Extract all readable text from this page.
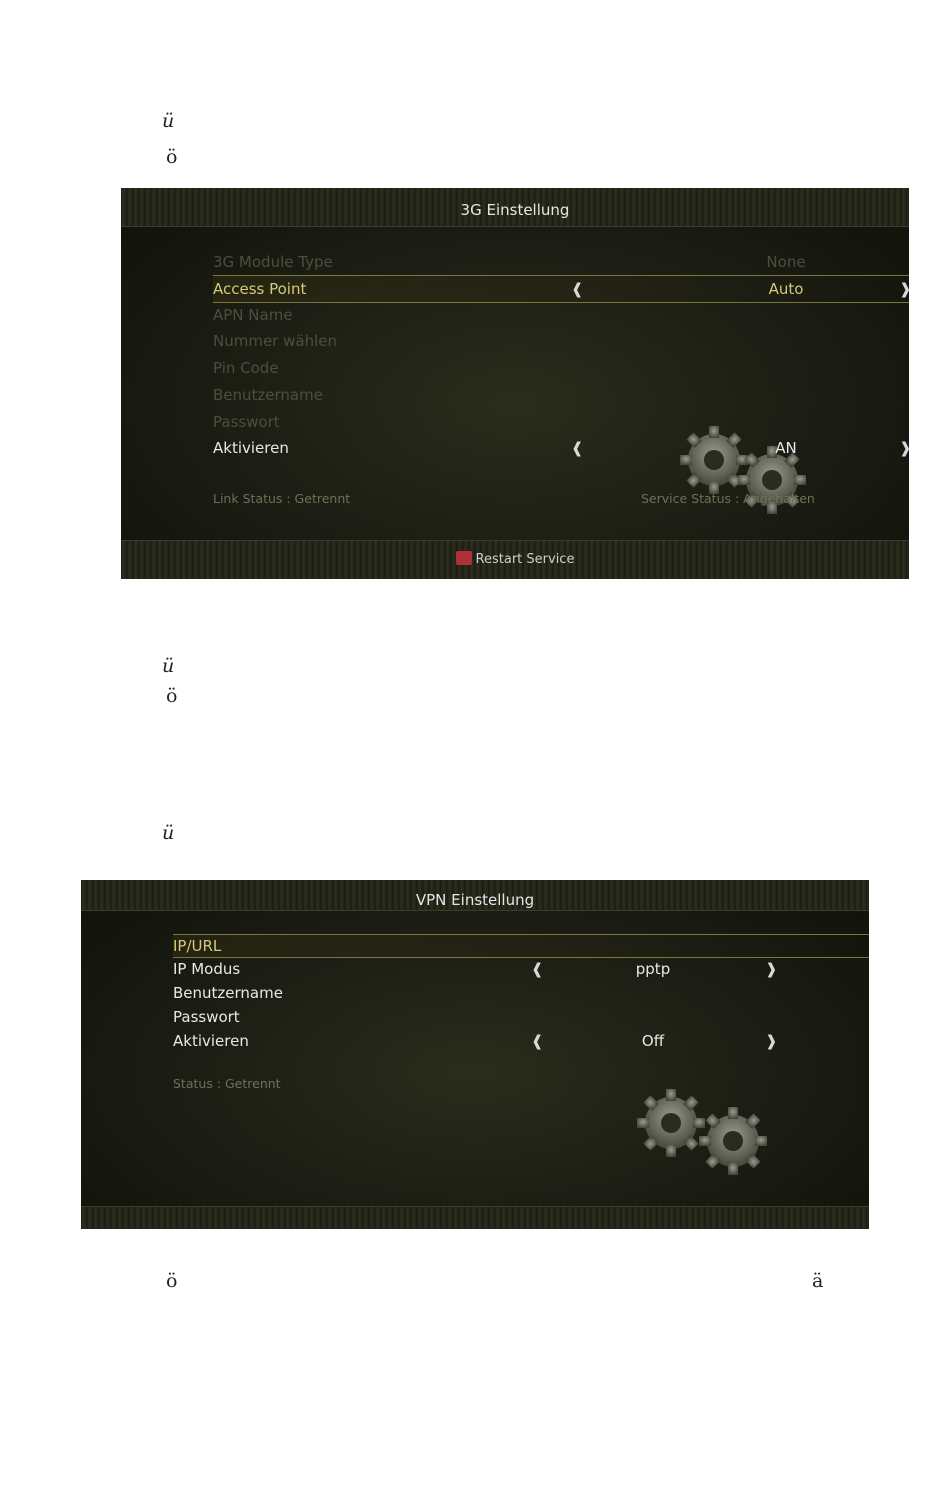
ü
ö
ü
ö
ü
ö	ä
3G Einstellung
3G Module Type	None
Access Point	❰	Auto	❱
APN Name
Nummer wählen
Pin Code
Benutzername
Passwort
Aktivieren	❰	AN	❱
Link Status : Getrennt	Service Status : Angehalten
Restart Service
VPN Einstellung
IP/URL
IP Modus	❰	pptp	❱
Benutzername
Passwort
Aktivieren	❰	Off	❱
Status : Getrennt
